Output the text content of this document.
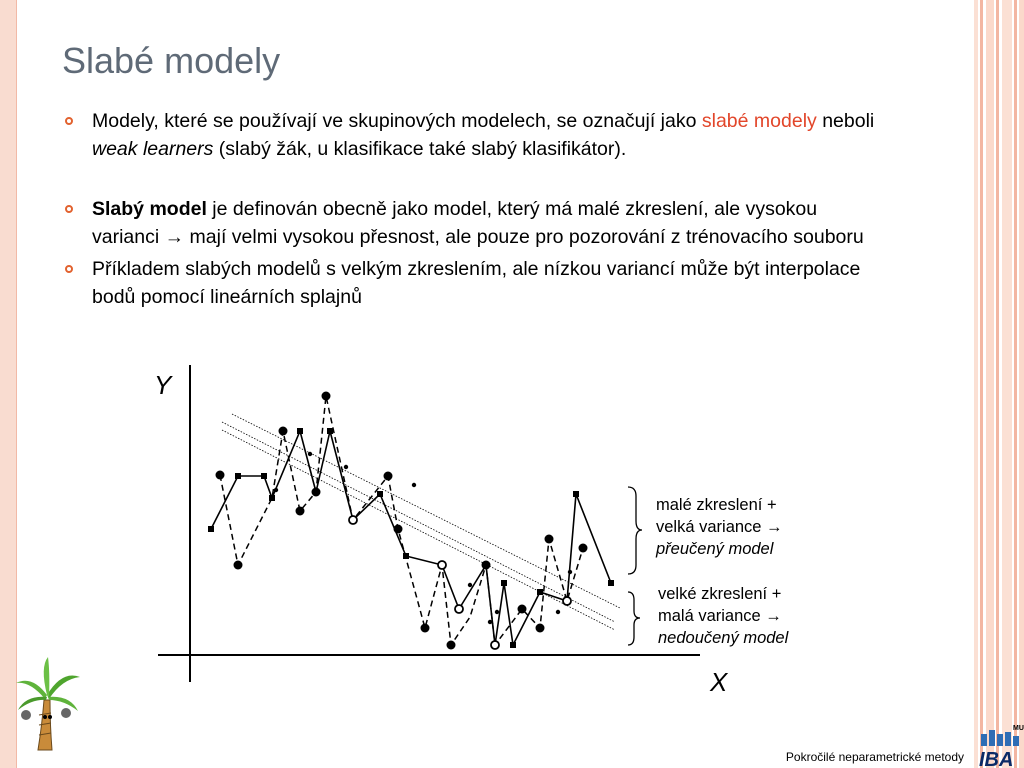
Slabé modely
Modely, které se používají ve skupinových modelech, se označují jako slabé modely neboli weak learners (slabý žák, u klasifikace také slabý klasifikátor).
Slabý model je definován obecně jako model, který má malé zkreslení, ale vysokou varianci → mají velmi vysokou přesnost, ale pouze pro pozorování z trénovacího souboru
Příkladem slabých modelů s velkým zkreslením, ale nízkou variancí může být interpolace bodů pomocí lineárních splajnů
Y
X
malé zkreslení +
velká variance →
přeučený model
velké zkreslení +
malá variance →
nedoučený model
Pokročilé neparametrické metody
MU
IBA
